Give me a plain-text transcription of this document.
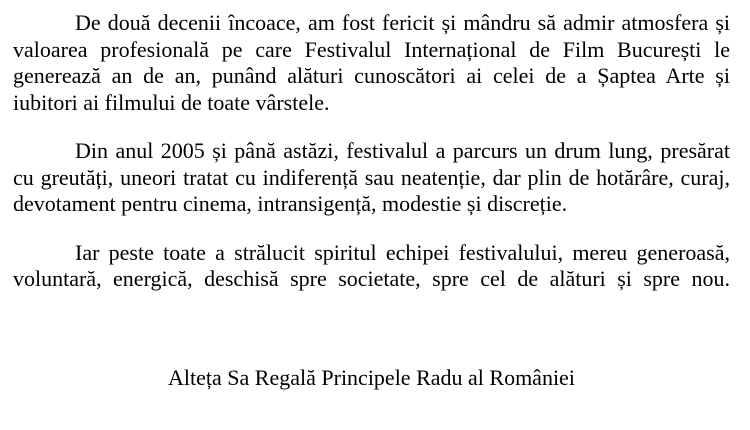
De două decenii încoace, am fost fericit și mândru să admir atmosfera și valoarea profesională pe care Festivalul Internațional de Film București le generează an de an, punând alături cunoscători ai celei de a Șaptea Arte și iubitori ai filmului de toate vârstele.

Din anul 2005 și până astăzi, festivalul a parcurs un drum lung, presărat cu greutăți, uneori tratat cu indiferență sau neatenție, dar plin de hotărâre, curaj, devotament pentru cinema, intransigență, modestie și discreție.

Iar peste toate a strălucit spiritul echipei festivalului, mereu generoasă, voluntară, energică, deschisă spre societate, spre cel de alături și spre nou.

Alteța Sa Regală Principele Radu al României
